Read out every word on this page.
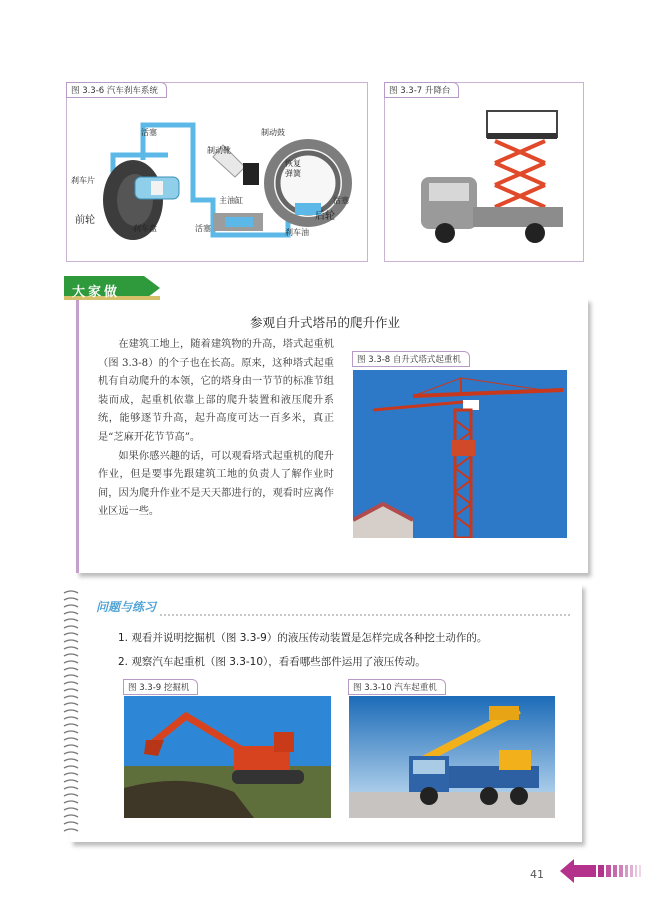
图 3.3-6 汽车刹车系统
活塞
刹车片
前轮
刹车盘
制动靴
制动鼓
恢复
弹簧
主油缸	活塞
后轮
活塞	刹车油
图 3.3-7 升降台
大家做
参观自升式塔吊的爬升作业

在建筑工地上，随着建筑物的升高，塔式起重机（图 3.3-8）的个子也在长高。原来，这种塔式起重机有自动爬升的本领，它的塔身由一节节的标准节组装而成，起重机依靠上部的爬升装置和液压爬升系统，能够逐节升高，起升高度可达一百多米，真正是“芝麻开花节节高”。

如果你感兴趣的话，可以观看塔式起重机的爬升作业，但是要事先跟建筑工地的负责人了解作业时间，因为爬升作业不是天天都进行的，观看时应离作业区远一些。

图 3.3-8 自升式塔式起重机
问题与练习
1. 观看并说明挖掘机（图 3.3-9）的液压传动装置是怎样完成各种挖土动作的。
2. 观察汽车起重机（图 3.3-10），看看哪些部件运用了液压传动。
图 3.3-9 挖掘机	图 3.3-10 汽车起重机
41
